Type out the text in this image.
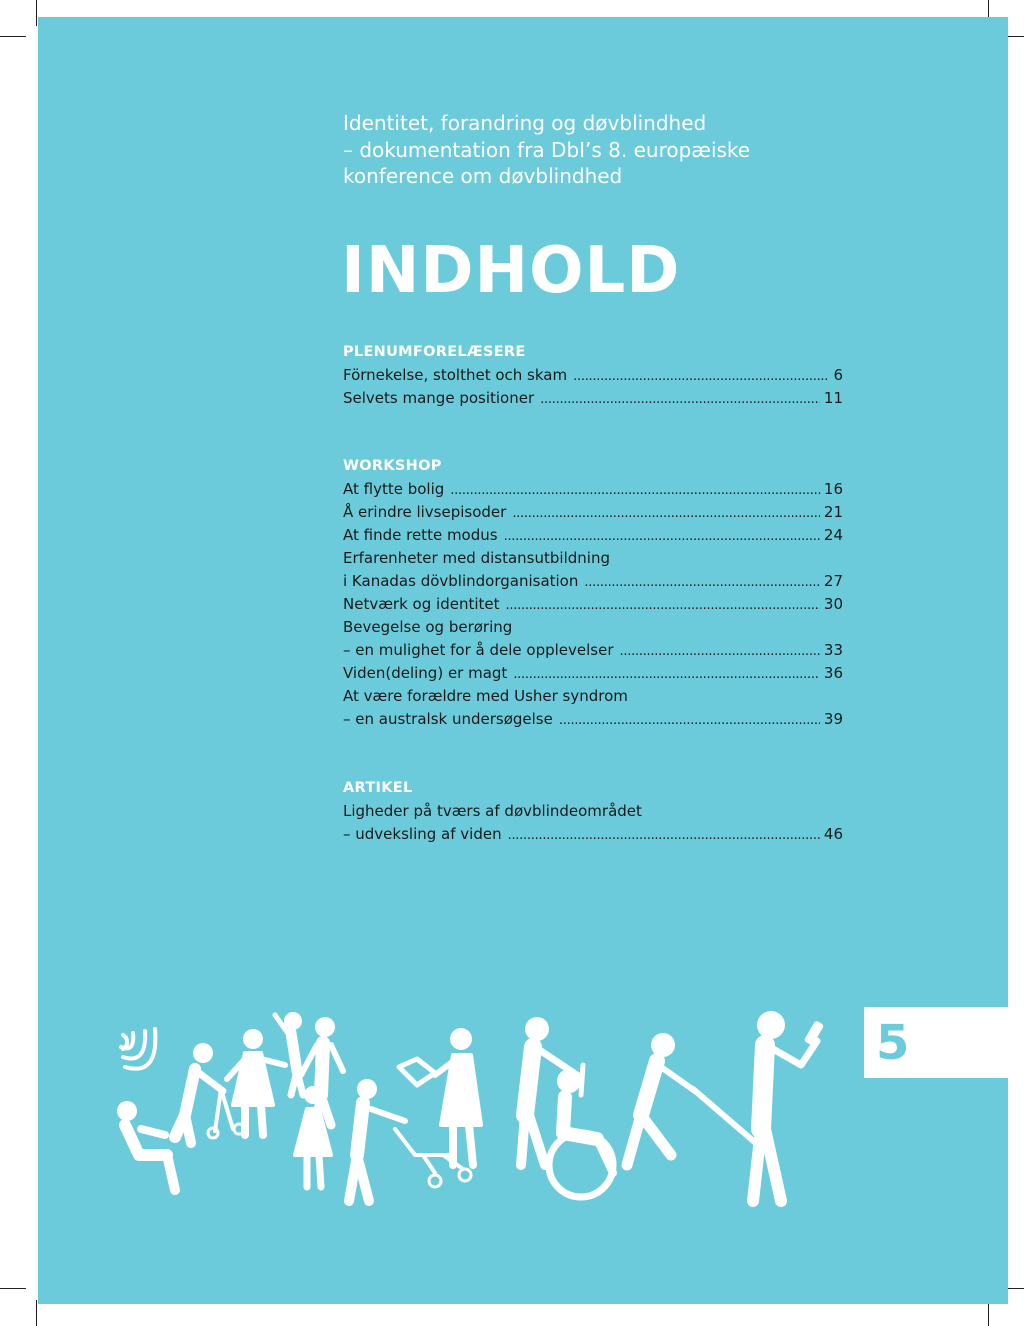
Identitet, forandring og døvblindhed
– dokumentation fra DbI’s 8. europæiske
konference om døvblindhed
INDHOLD
PLENUMFORELÆSERE
Förnekelse, stolthet och skam . . .	6
Selvets mange positioner . . .	11
WORKSHOP
At flytte bolig . . .	16
Å erindre livsepisoder . . .	21
At finde rette modus . . .	24
Erfarenheter med distansutbildning
i Kanadas dövblindorganisation . . .	27
Netværk og identitet . . .	30
Bevegelse og berøring
– en mulighet for å dele opplevelser . . .	33
Viden(deling) er magt . . .	36
At være forældre med Usher syndrom
– en australsk undersøgelse . . .	39
ARTIKEL
Ligheder på tværs af døvblindeområdet
– udveksling af viden . . .	46
5
